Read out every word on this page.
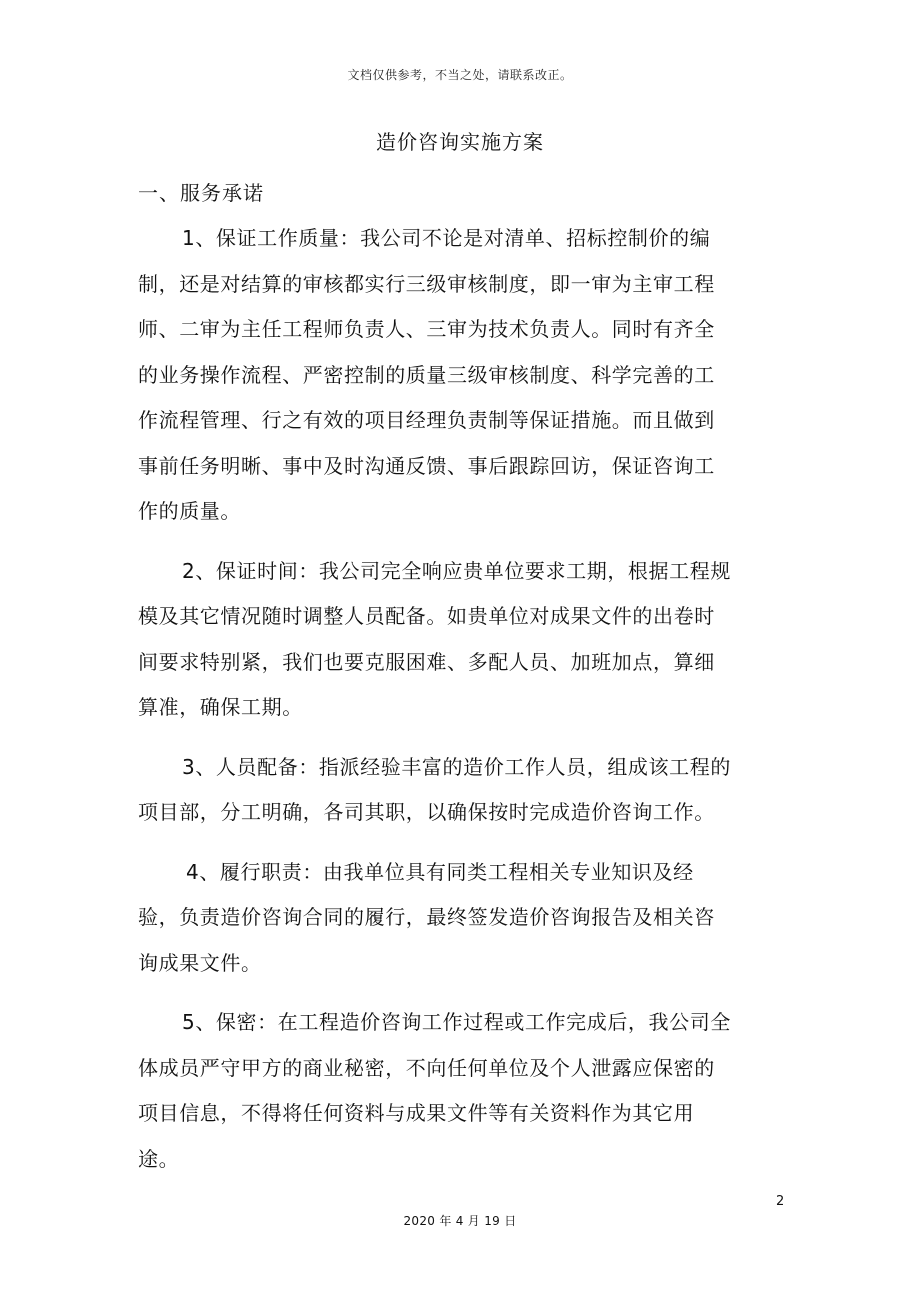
文档仅供参考，不当之处，请联系改正。
造价咨询实施方案
一、服务承诺
1、保证工作质量：我公司不论是对清单、招标控制价的编
制，还是对结算的审核都实行三级审核制度，即一审为主审工程
师、二审为主任工程师负责人、三审为技术负责人。同时有齐全
的业务操作流程、严密控制的质量三级审核制度、科学完善的工
作流程管理、行之有效的项目经理负责制等保证措施。而且做到
事前任务明晰、事中及时沟通反馈、事后跟踪回访，保证咨询工
作的质量。
2、保证时间：我公司完全响应贵单位要求工期，根据工程规
模及其它情况随时调整人员配备。如贵单位对成果文件的出卷时
间要求特别紧，我们也要克服困难、多配人员、加班加点，算细
算准，确保工期。
3、人员配备：指派经验丰富的造价工作人员，组成该工程的
项目部，分工明确，各司其职，以确保按时完成造价咨询工作。
4、履行职责：由我单位具有同类工程相关专业知识及经
验，负责造价咨询合同的履行，最终签发造价咨询报告及相关咨
询成果文件。
5、保密：在工程造价咨询工作过程或工作完成后，我公司全
体成员严守甲方的商业秘密，不向任何单位及个人泄露应保密的
项目信息，不得将任何资料与成果文件等有关资料作为其它用
途。
2
2020 年 4 月 19 日
